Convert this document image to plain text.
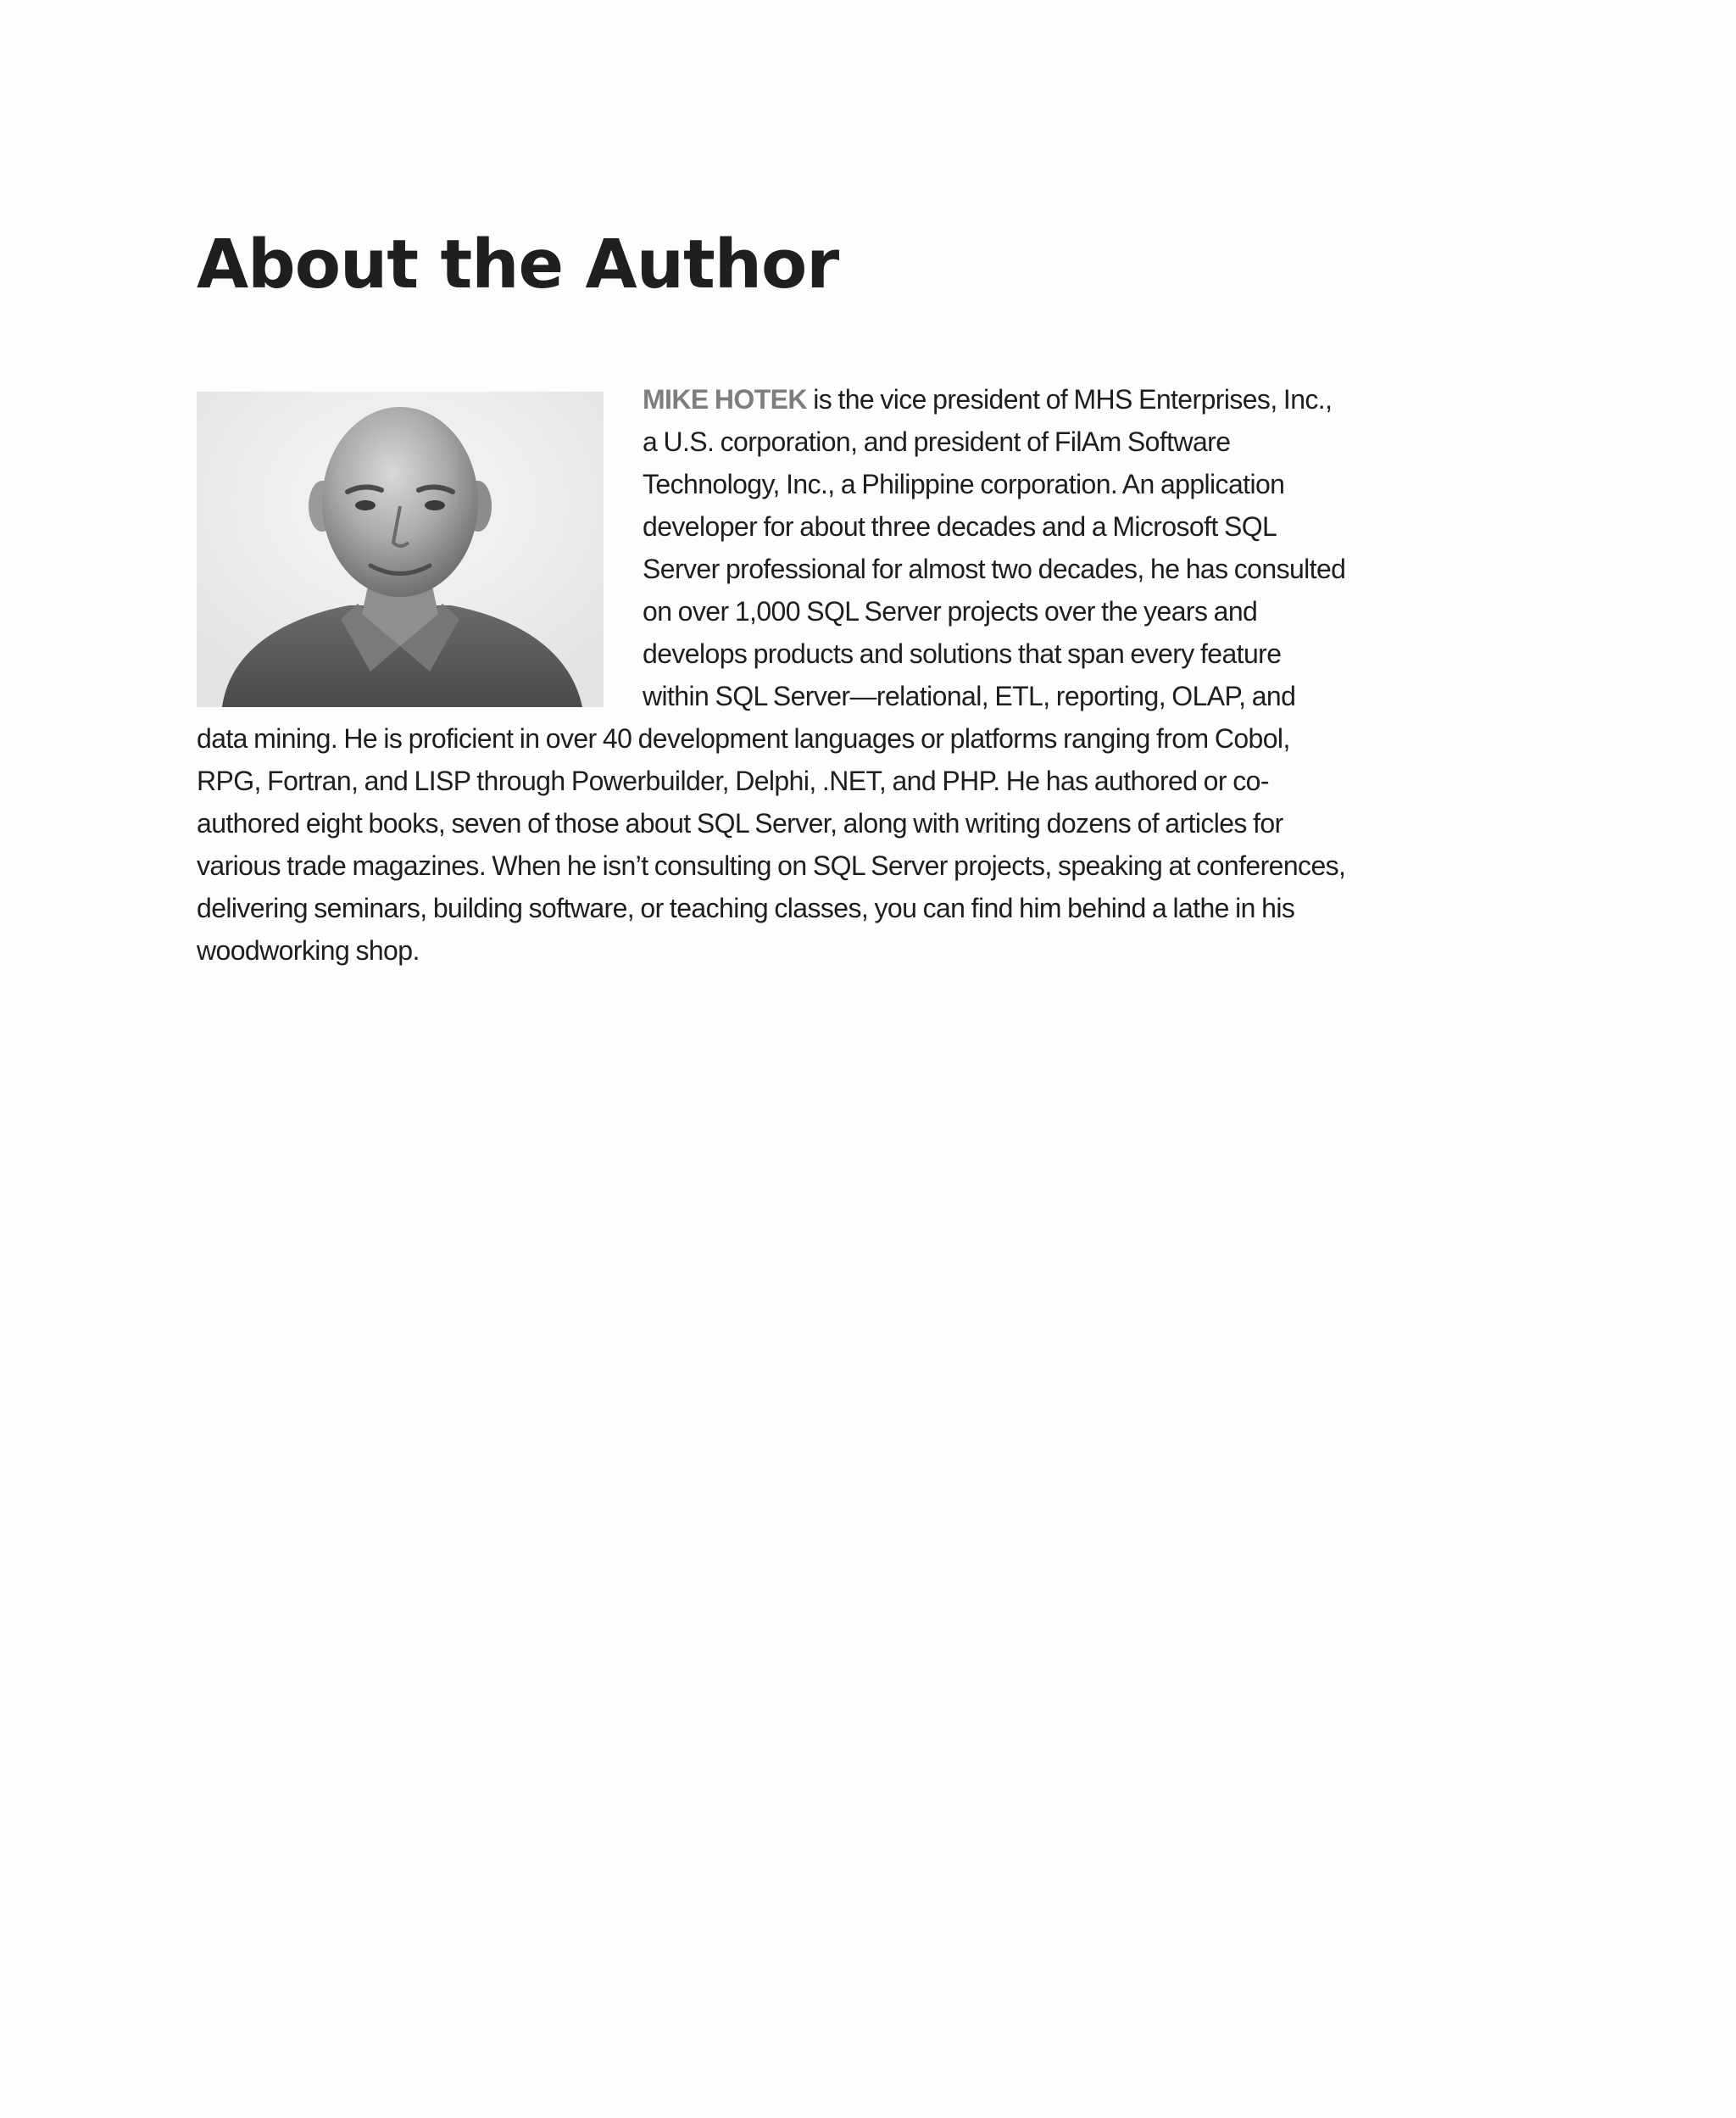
About the Author
MIKE HOTEK is the vice president of MHS Enterprises, Inc., a U.S. corporation, and president of FilAm Software Technology, Inc., a Philippine corporation. An application developer for about three decades and a Microsoft SQL Server professional for almost two decades, he has consulted on over 1,000 SQL Server projects over the years and develops products and solutions that span every feature within SQL Server—relational, ETL, reporting, OLAP, and data mining. He is proficient in over 40 development languages or platforms ranging from Cobol, RPG, Fortran, and LISP through Powerbuilder, Delphi, .NET, and PHP. He has authored or co-authored eight books, seven of those about SQL Server, along with writing dozens of articles for various trade magazines. When he isn’t consulting on SQL Server projects, speaking at conferences, delivering seminars, building software, or teaching classes, you can find him behind a lathe in his woodworking shop.
